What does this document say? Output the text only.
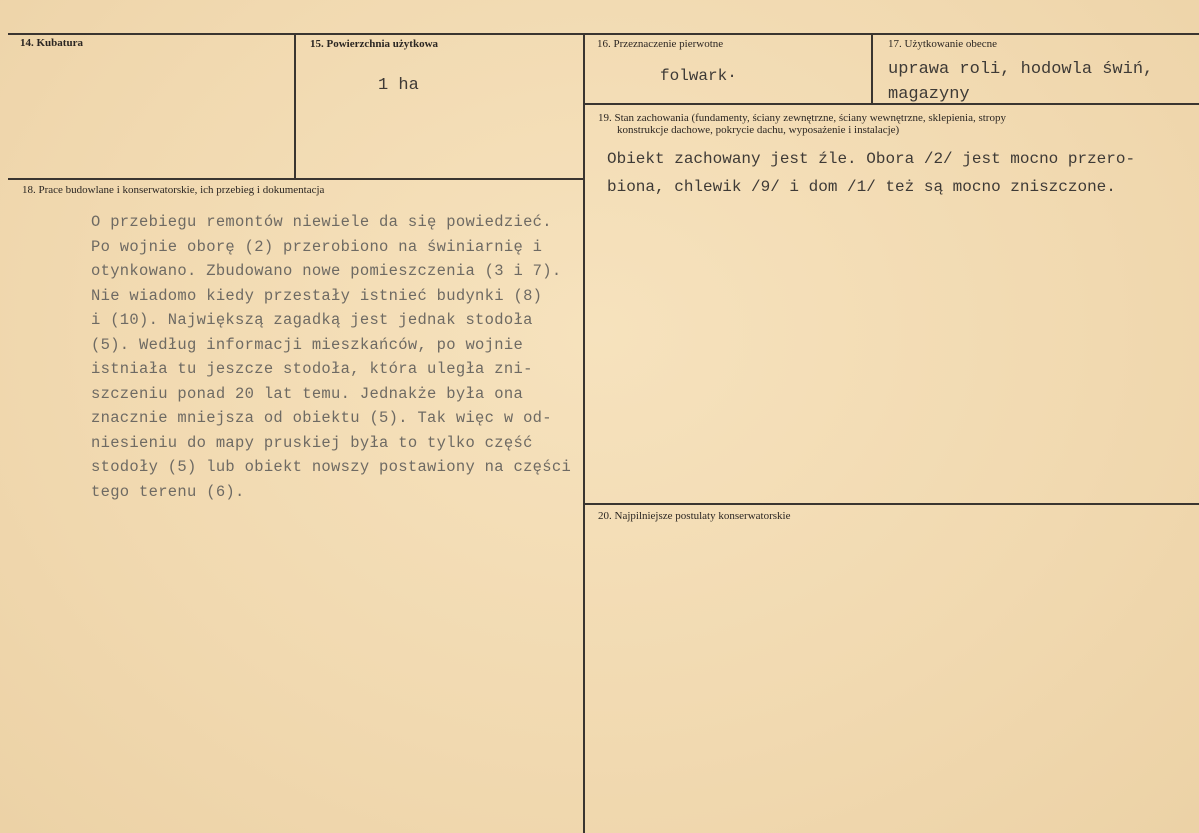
14. Kubatura	15. Powierzchnia użytkowa
1 ha
16. Przeznaczenie pierwotne
folwark·
17. Użytkowanie obecne
uprawa roli, hodowla świń,
magazyny
19. Stan zachowania (fundamenty, ściany zewnętrzne, ściany wewnętrzne, sklepienia, stropy
konstrukcje dachowe, pokrycie dachu, wyposażenie i instalacje)
Obiekt zachowany jest źle. Obora /2/ jest mocno przero-
biona, chlewik /9/ i dom /1/ też są mocno zniszczone.
18. Prace budowlane i konserwatorskie, ich przebieg i dokumentacja
O przebiegu remontów niewiele da się powiedzieć.
Po wojnie oborę (2) przerobiono na świniarnię i
otynkowano. Zbudowano nowe pomieszczenia (3 i 7).
Nie wiadomo kiedy przestały istnieć budynki (8)
i (10). Największą zagadką jest jednak stodoła
(5). Według informacji mieszkańców, po wojnie
istniała tu jeszcze stodoła, która uległa zni-
szczeniu ponad 20 lat temu. Jednakże była ona
znacznie mniejsza od obiektu (5). Tak więc w od-
niesieniu do mapy pruskiej była to tylko część
stodoły (5) lub obiekt nowszy postawiony na części
tego terenu (6).
20. Najpilniejsze postulaty konserwatorskie
